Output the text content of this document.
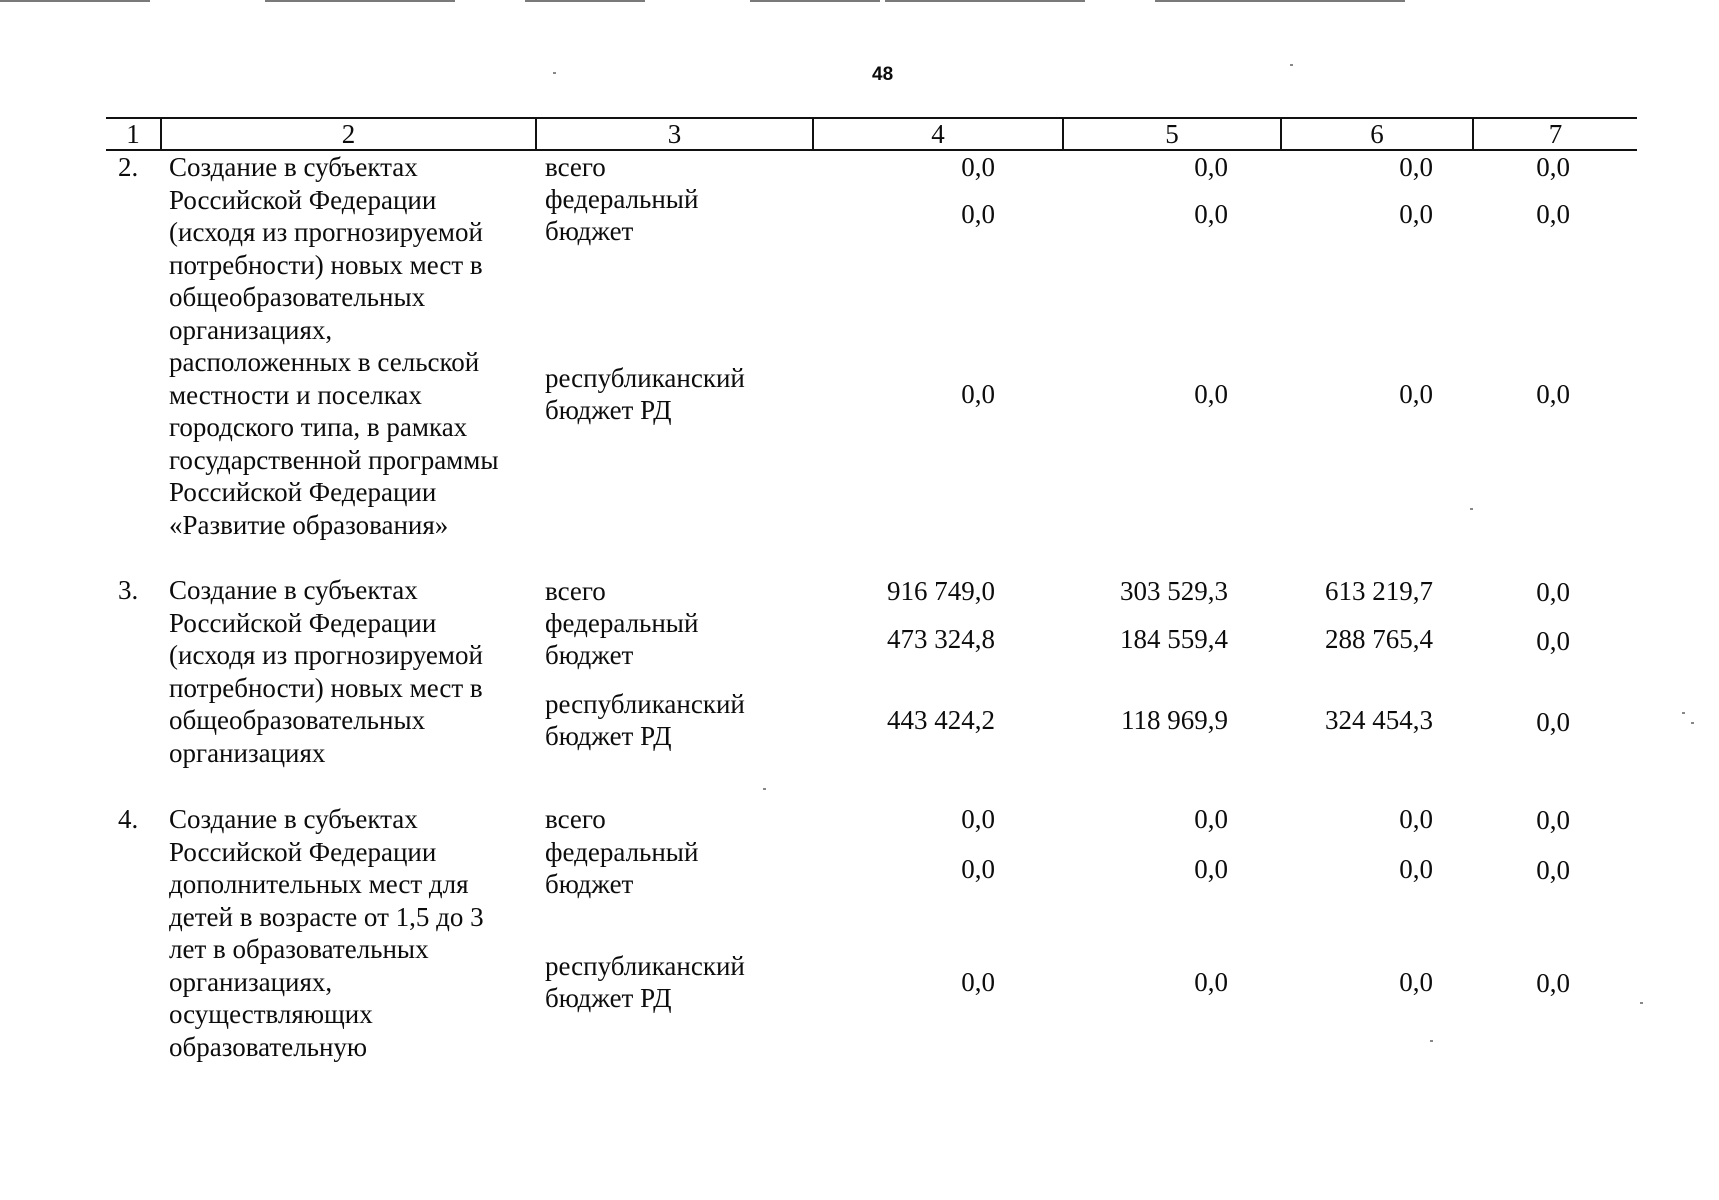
48
1	2	3	4	5	6	7
2. Создание в субъектах
Российской Федерации
(исходя из прогнозируемой
потребности) новых мест в
общеобразовательных
организациях,
расположенных в сельской
местности и поселках
городского типа, в рамках
государственной программы
Российской Федерации
«Развитие образования»
всего	0,0	0,0	0,0	0,0
федеральный
бюджет
0,0	0,0	0,0	0,0
республиканский
бюджет РД
0,0	0,0	0,0	0,0
3. Создание в субъектах
Российской Федерации
(исходя из прогнозируемой
потребности) новых мест в
общеобразовательных
организациях
всего	916 749,0	303 529,3	613 219,7	0,0
федеральный
бюджет
473 324,8	184 559,4	288 765,4	0,0
республиканский
бюджет РД
443 424,2	118 969,9	324 454,3	0,0
4. Создание в субъектах
Российской Федерации
дополнительных мест для
детей в возрасте от 1,5 до 3
лет в образовательных
организациях,
осуществляющих
образовательную
всего	0,0	0,0	0,0	0,0
федеральный
бюджет	0,0	0,0	0,0	0,0
республиканский
бюджет РД
0,0	0,0	0,0	0,0
